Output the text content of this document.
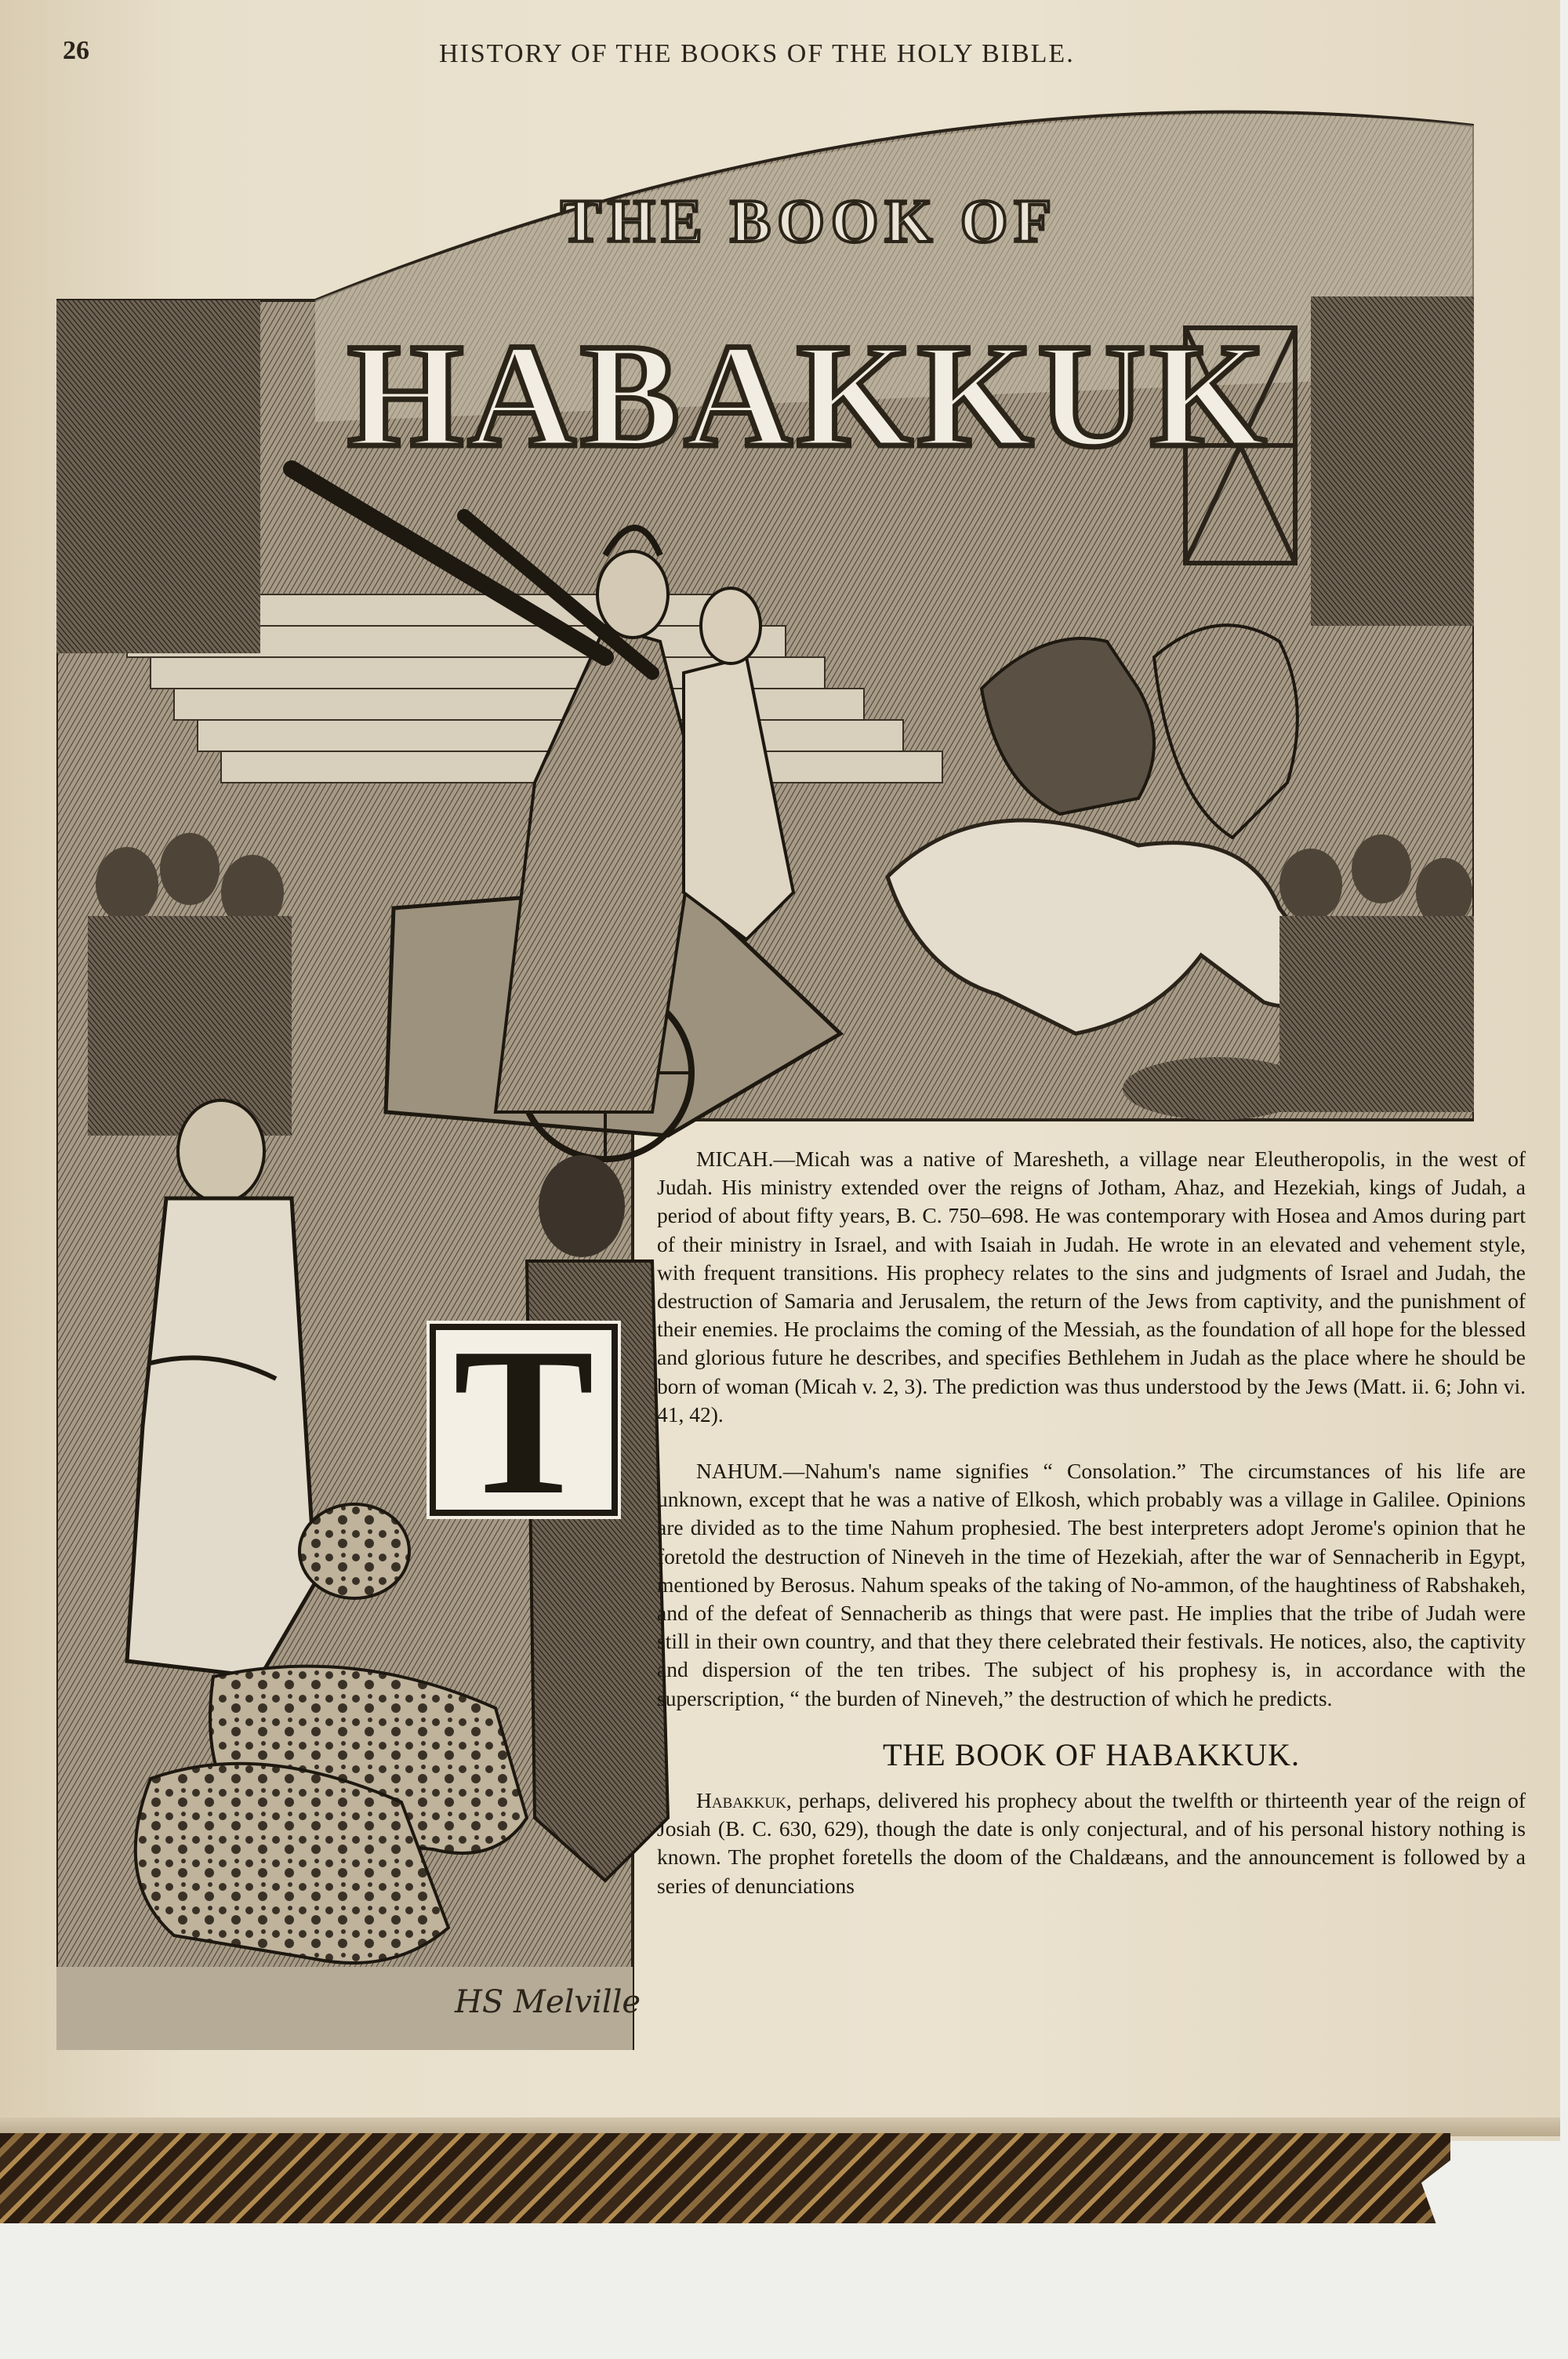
26	HISTORY OF THE BOOKS OF THE HOLY BIBLE.
THE BOOK OF
HABAKKUK
T
HS Melville

MICAH.—Micah was a native of Maresheth, a village near Eleutheropolis, in the west of Judah. His ministry extended over the reigns of Jotham, Ahaz, and Hezekiah, kings of Judah, a period of about fifty years, B. C. 750–698. He was contemporary with Hosea and Amos during part of their ministry in Israel, and with Isaiah in Judah. He wrote in an elevated and vehement style, with frequent transitions. His prophecy relates to the sins and judgments of Israel and Judah, the destruction of Samaria and Jerusalem, the return of the Jews from captivity, and the punishment of their enemies. He proclaims the coming of the Messiah, as the foundation of all hope for the blessed and glorious future he describes, and specifies Bethlehem in Judah as the place where he should be born of woman (Micah v. 2, 3). The prediction was thus understood by the Jews (Matt. ii. 6; John vi. 41, 42).

NAHUM.—Nahum's name signifies “ Consolation.” The circumstances of his life are unknown, except that he was a native of Elkosh, which probably was a village in Galilee. Opinions are divided as to the time Nahum prophesied. The best interpreters adopt Jerome's opinion that he foretold the destruction of Nineveh in the time of Hezekiah, after the war of Sennacherib in Egypt, mentioned by Berosus. Nahum speaks of the taking of No-ammon, of the haughtiness of Rabshakeh, and of the defeat of Sennacherib as things that were past. He implies that the tribe of Judah were still in their own country, and that they there celebrated their festivals. He notices, also, the captivity and dispersion of the ten tribes. The subject of his prophesy is, in accordance with the superscription, “ the burden of Nineveh,” the destruction of which he predicts.

THE BOOK OF HABAKKUK.

Habakkuk, perhaps, delivered his prophecy about the twelfth or thirteenth year of the reign of Josiah (B. C. 630, 629), though the date is only conjectural, and of his personal history nothing is known. The prophet foretells the doom of the Chaldæans, and the announcement is followed by a series of denunciations
